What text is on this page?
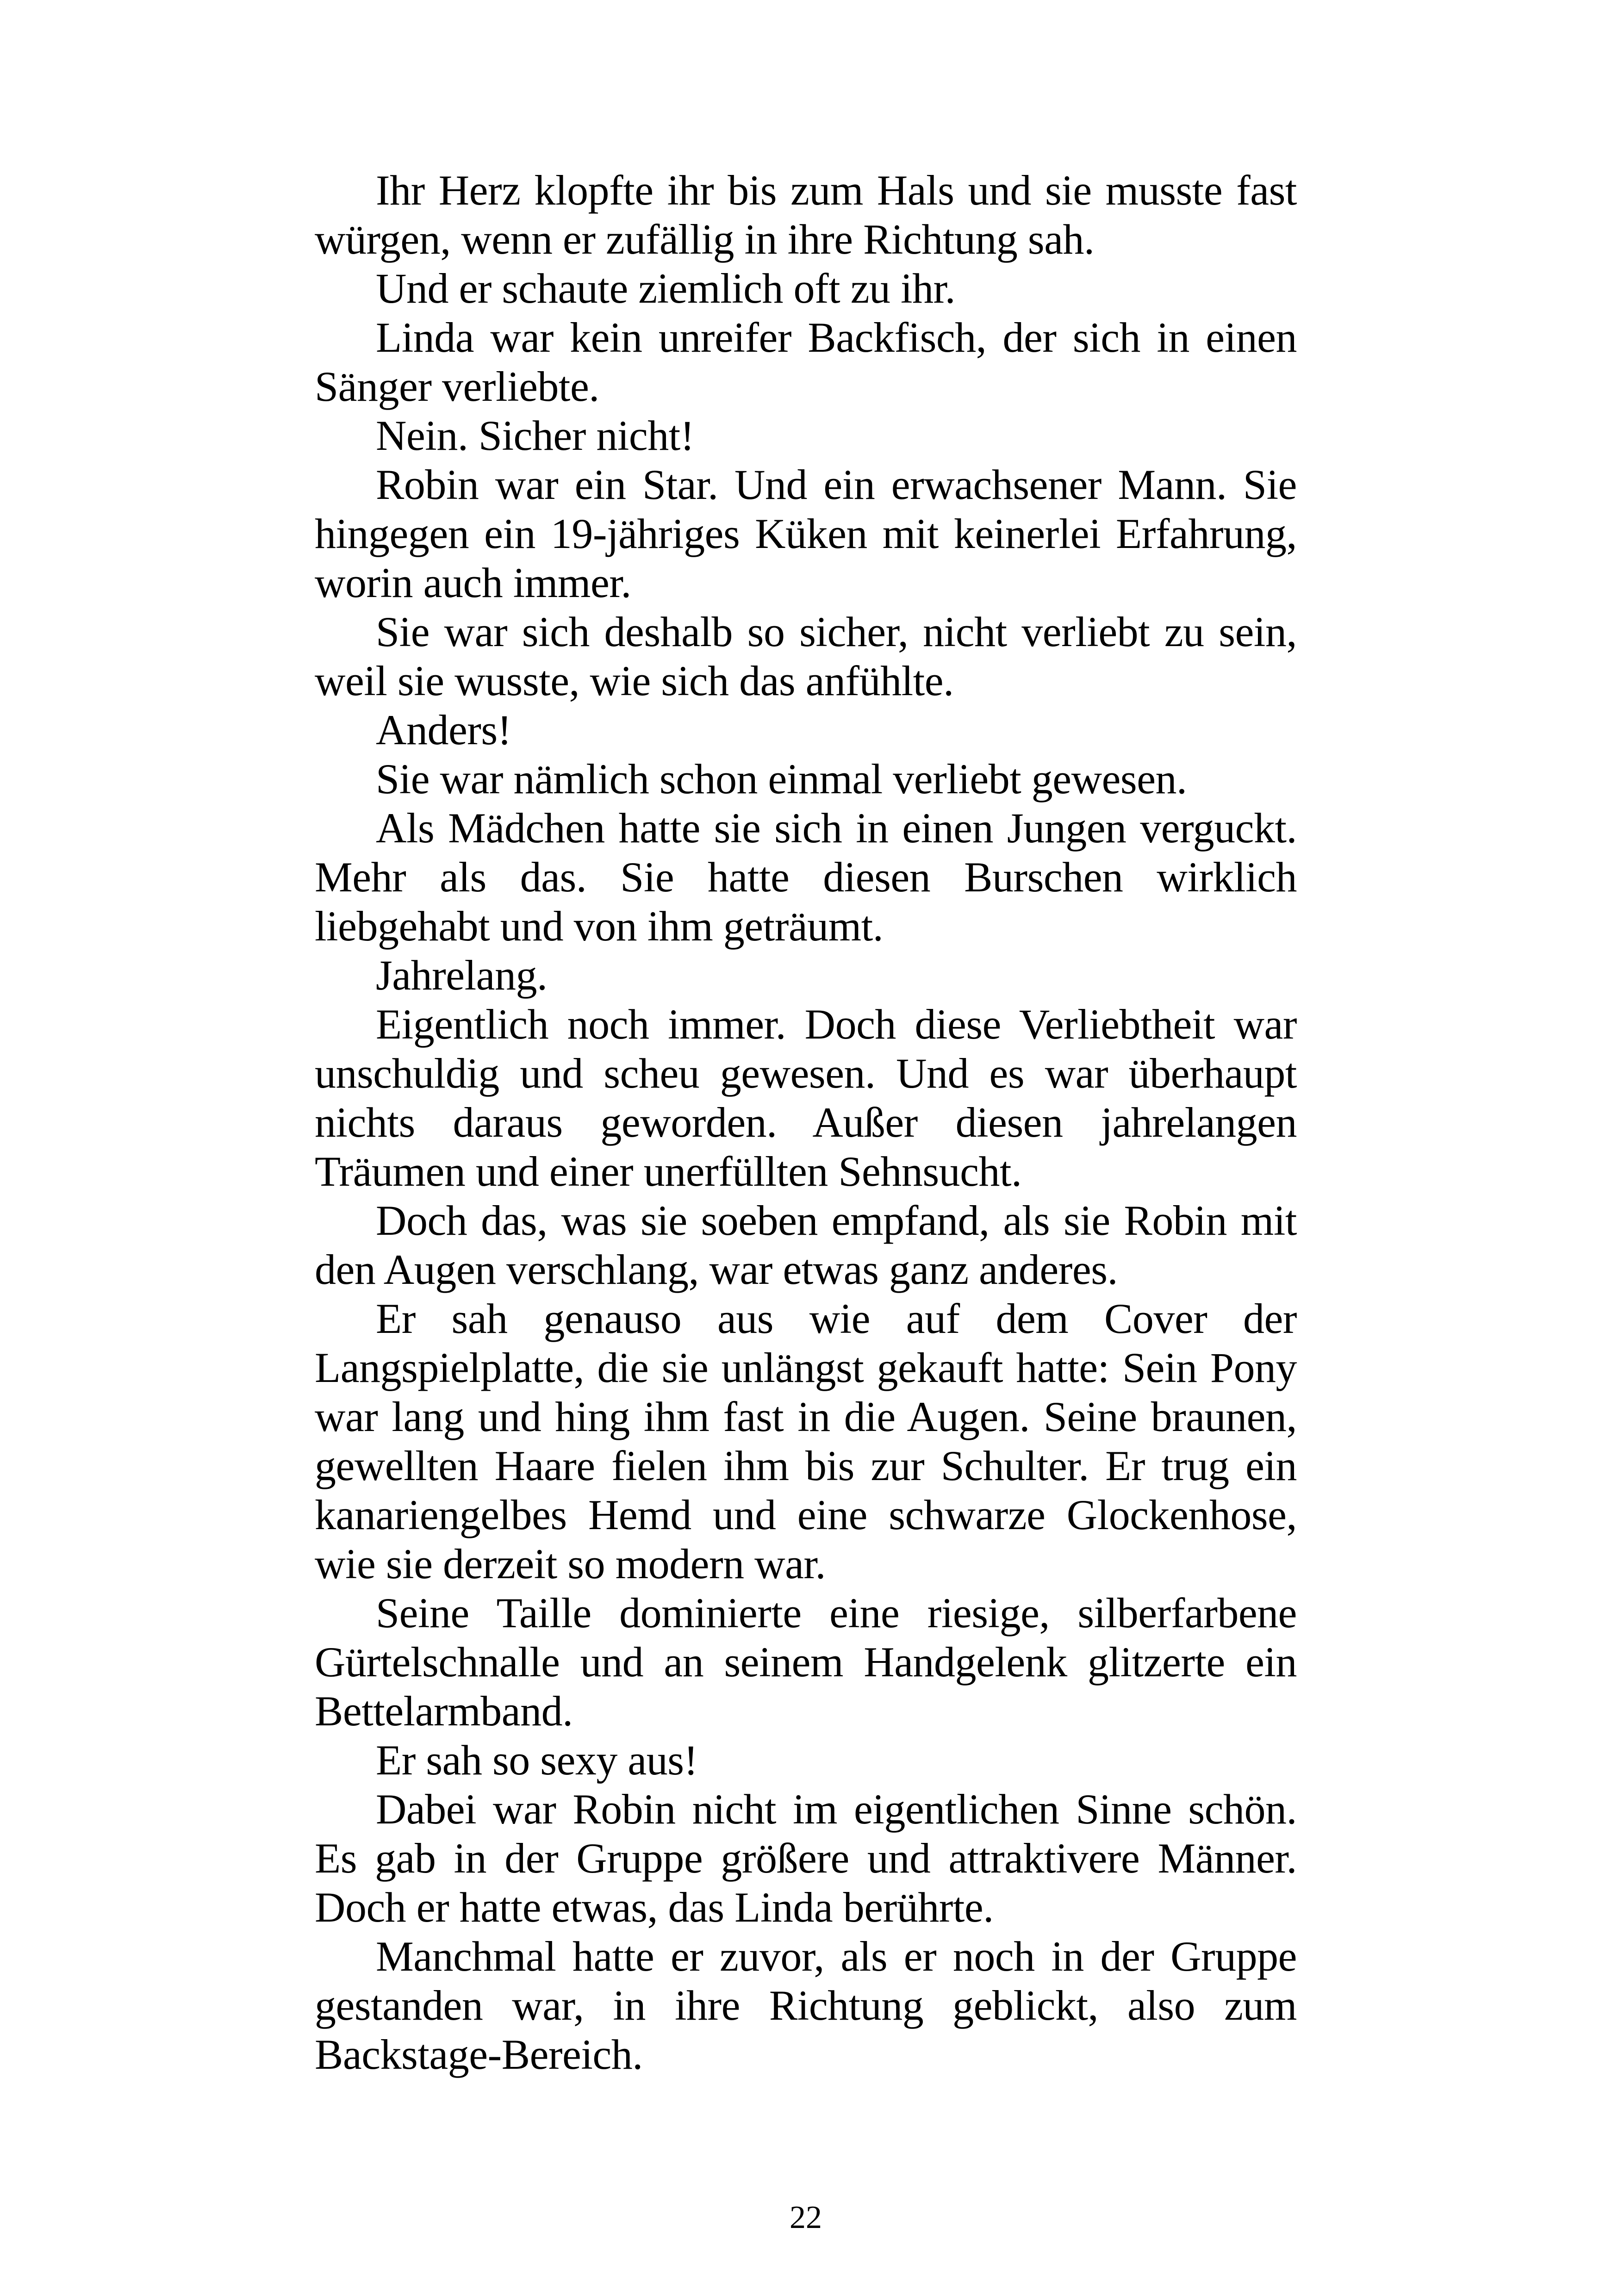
Ihr Herz klopfte ihr bis zum Hals und sie musste fast würgen, wenn er zufällig in ihre Richtung sah.

Und er schaute ziemlich oft zu ihr.

Linda war kein unreifer Backfisch, der sich in einen Sänger verliebte.

Nein. Sicher nicht!

Robin war ein Star. Und ein erwachsener Mann. Sie hingegen ein 19-jähriges Küken mit keinerlei Erfahrung, worin auch immer.

Sie war sich deshalb so sicher, nicht verliebt zu sein, weil sie wusste, wie sich das anfühlte.

Anders!

Sie war nämlich schon einmal verliebt gewesen.

Als Mädchen hatte sie sich in einen Jungen verguckt. Mehr als das. Sie hatte diesen Burschen wirklich liebgehabt und von ihm geträumt.

Jahrelang.

Eigentlich noch immer. Doch diese Verliebtheit war unschuldig und scheu gewesen. Und es war überhaupt nichts daraus geworden. Außer diesen jahrelangen Träumen und einer unerfüllten Sehnsucht.

Doch das, was sie soeben empfand, als sie Robin mit den Augen verschlang, war etwas ganz anderes.

Er sah genauso aus wie auf dem Cover der Langspielplatte, die sie unlängst gekauft hatte: Sein Pony war lang und hing ihm fast in die Augen. Seine braunen, gewellten Haare fielen ihm bis zur Schulter. Er trug ein kanariengelbes Hemd und eine schwarze Glockenhose, wie sie derzeit so modern war.

Seine Taille dominierte eine riesige, silberfarbene Gürtelschnalle und an seinem Handgelenk glitzerte ein Bettelarmband.

Er sah so sexy aus!

Dabei war Robin nicht im eigentlichen Sinne schön. Es gab in der Gruppe größere und attraktivere Männer. Doch er hatte etwas, das Linda berührte.

Manchmal hatte er zuvor, als er noch in der Gruppe gestanden war, in ihre Richtung geblickt, also zum Backstage-Bereich.

22
